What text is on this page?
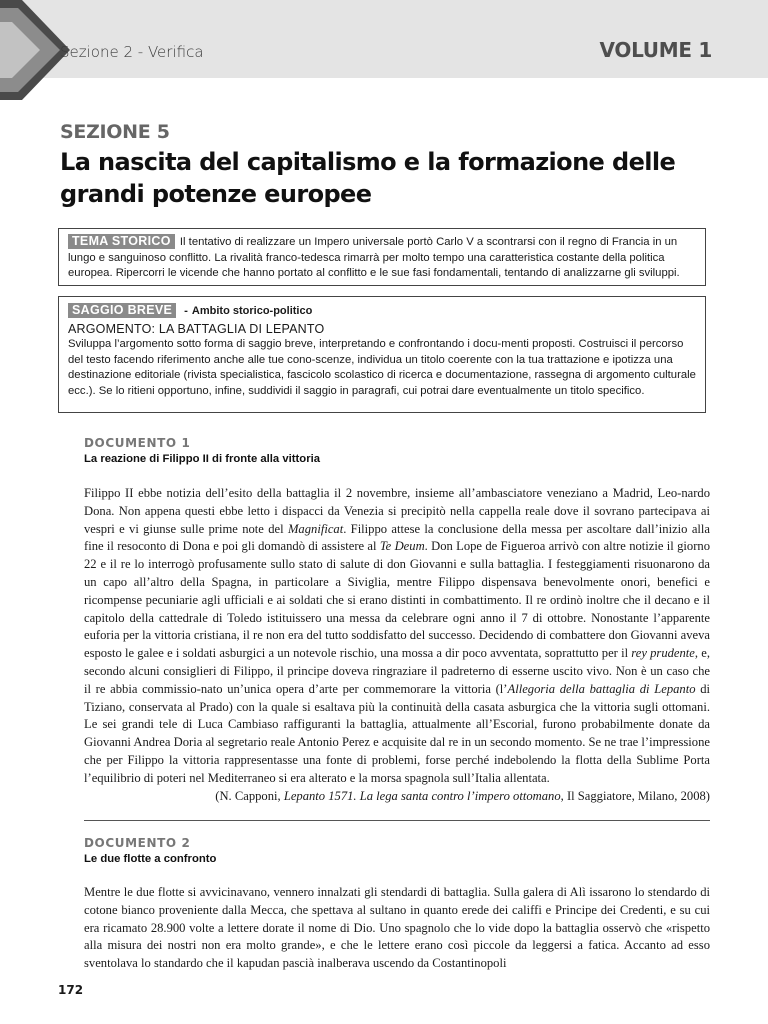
Sezione 2 - Verifica	VOLUME 1
SEZIONE 5
La nascita del capitalismo e la formazione delle grandi potenze europee
TEMA STORICO Il tentativo di realizzare un Impero universale portò Carlo V a scontrarsi con il regno di Francia in un lungo e sanguinoso conflitto. La rivalità franco-tedesca rimarrà per molto tempo una caratteristica costante della politica europea. Ripercorri le vicende che hanno portato al conflitto e le sue fasi fondamentali, tentando di analizzarne gli sviluppi.
SAGGIO BREVE - Ambito storico-politico
ARGOMENTO: LA BATTAGLIA DI LEPANTO
Sviluppa l’argomento sotto forma di saggio breve, interpretando e confrontando i docu-menti proposti. Costruisci il percorso del testo facendo riferimento anche alle tue cono-scenze, individua un titolo coerente con la tua trattazione e ipotizza una destinazione editoriale (rivista specialistica, fascicolo scolastico di ricerca e documentazione, rassegna di argomento culturale ecc.). Se lo ritieni opportuno, infine, suddividi il saggio in paragrafi, cui potrai dare eventualmente un titolo specifico.
DOCUMENTO 1
La reazione di Filippo II di fronte alla vittoria

Filippo II ebbe notizia dell’esito della battaglia il 2 novembre, insieme all’ambasciatore veneziano a Madrid, Leo-nardo Dona. Non appena questi ebbe letto i dispacci da Venezia si precipitò nella cappella reale dove il sovrano partecipava ai vespri e vi giunse sulle prime note del Magnificat. Filippo attese la conclusione della messa per ascoltare dall’inizio alla fine il resoconto di Dona e poi gli domandò di assistere al Te Deum. Don Lope de Figueroa arrivò con altre notizie il giorno 22 e il re lo interrogò profusamente sullo stato di salute di don Giovanni e sulla battaglia. I festeggiamenti risuonarono da un capo all’altro della Spagna, in particolare a Siviglia, mentre Filippo dispensava benevolmente onori, benefici e ricompense pecuniarie agli ufficiali e ai soldati che si erano distinti in combattimento. Il re ordinò inoltre che il decano e il capitolo della cattedrale di Toledo istituissero una messa da celebrare ogni anno il 7 di ottobre. Nonostante l’apparente euforia per la vittoria cristiana, il re non era del tutto soddisfatto del successo. Decidendo di combattere don Giovanni aveva esposto le galee e i soldati asburgici a un notevole rischio, una mossa a dir poco avventata, soprattutto per il rey prudente, e, secondo alcuni consiglieri di Filippo, il principe doveva ringraziare il padreterno di esserne uscito vivo. Non è un caso che il re abbia commissio-nato un’unica opera d’arte per commemorare la vittoria (l’Allegoria della battaglia di Lepanto di Tiziano, conservata al Prado) con la quale si esaltava più la continuità della casata asburgica che la vittoria sugli ottomani. Le sei grandi tele di Luca Cambiaso raffiguranti la battaglia, attualmente all’Escorial, furono probabilmente donate da Giovanni Andrea Doria al segretario reale Antonio Perez e acquisite dal re in un secondo momento. Se ne trae l’impressione che per Filippo la vittoria rappresentasse una fonte di problemi, forse perché indebolendo la flotta della Sublime Porta l’equilibrio di poteri nel Mediterraneo si era alterato e la morsa spagnola sull’Italia allentata.

(N. Capponi, Lepanto 1571. La lega santa contro l’impero ottomano, Il Saggiatore, Milano, 2008)
DOCUMENTO 2
Le due flotte a confronto

Mentre le due flotte si avvicinavano, vennero innalzati gli stendardi di battaglia. Sulla galera di Alì issarono lo stendardo di cotone bianco proveniente dalla Mecca, che spettava al sultano in quanto erede dei califfi e Principe dei Credenti, e su cui era ricamato 28.900 volte a lettere dorate il nome di Dio. Uno spagnolo che lo vide dopo la battaglia osservò che «rispetto alla misura dei nostri non era molto grande», e che le lettere erano così piccole da leggersi a fatica. Accanto ad esso sventolava lo standardo che il kapudan pascià inalberava uscendo da Costantinopoli

172
